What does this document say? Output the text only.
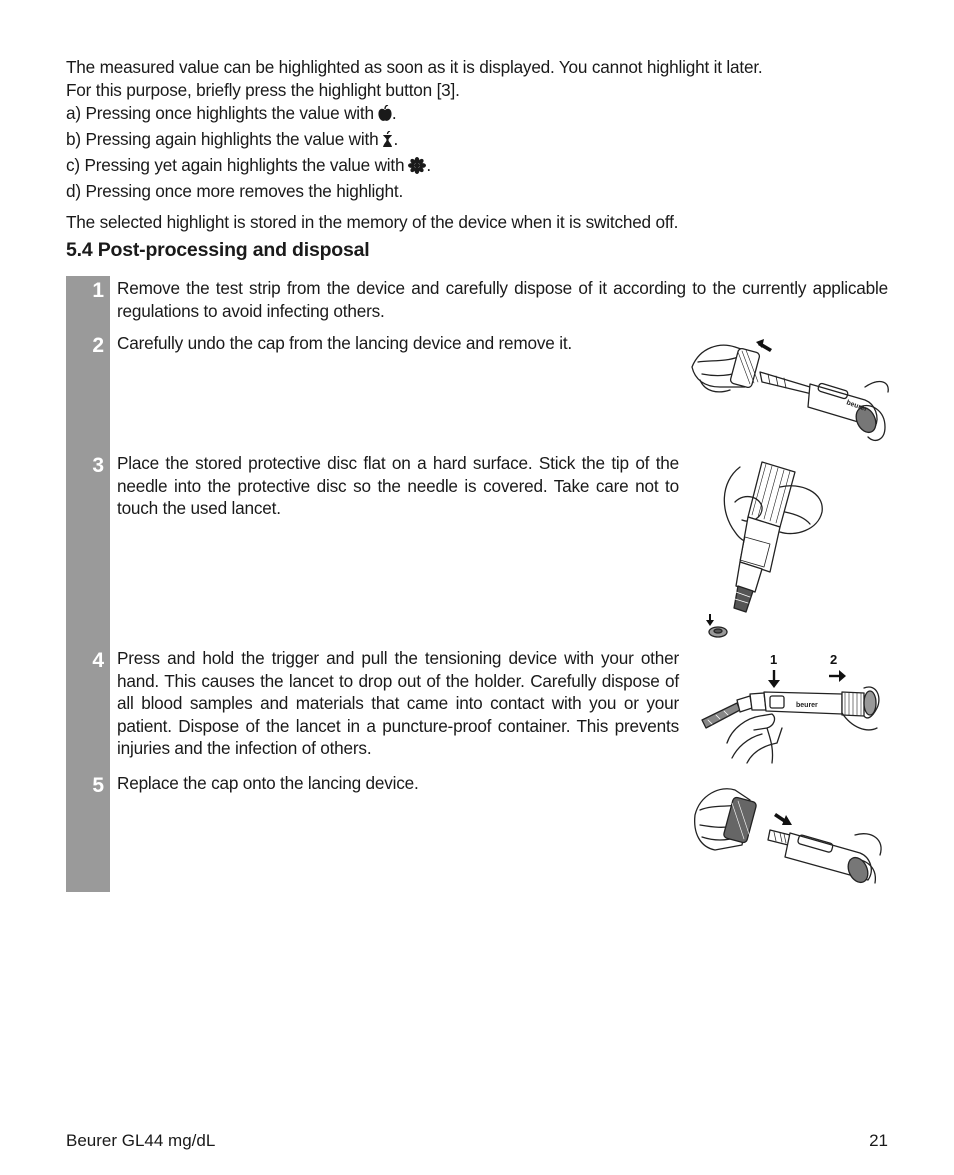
The measured value can be highlighted as soon as it is displayed. You cannot highlight it later.

For this purpose, briefly press the highlight button [3].

a) Pressing once highlights the value with .
b) Pressing again highlights the value with .
c) Pressing yet again highlights the value with .
d) Pressing once more removes the highlight.

The selected highlight is stored in the memory of the device when it is switched off.

5.4 Post-processing and disposal
1 Remove the test strip from the device and carefully dispose of it according to the currently applicable regulations to avoid infecting others.
2 Carefully undo the cap from the lancing device and remove it.
3 Place the stored protective disc flat on a hard surface. Stick the tip of the needle into the protective disc so the needle is covered. Take care not to touch the used lancet.
4 Press and hold the trigger and pull the tensioning device with your other hand. This causes the lancet to drop out of the holder. Carefully dispose of all blood samples and materials that came into contact with you or your patient. Dispose of the lancet in a puncture-proof container. This prevents injuries and the infection of others.
5 Replace the cap onto the lancing device.
beurer
1	2
beurer
Beurer GL44 mg/dL	21
